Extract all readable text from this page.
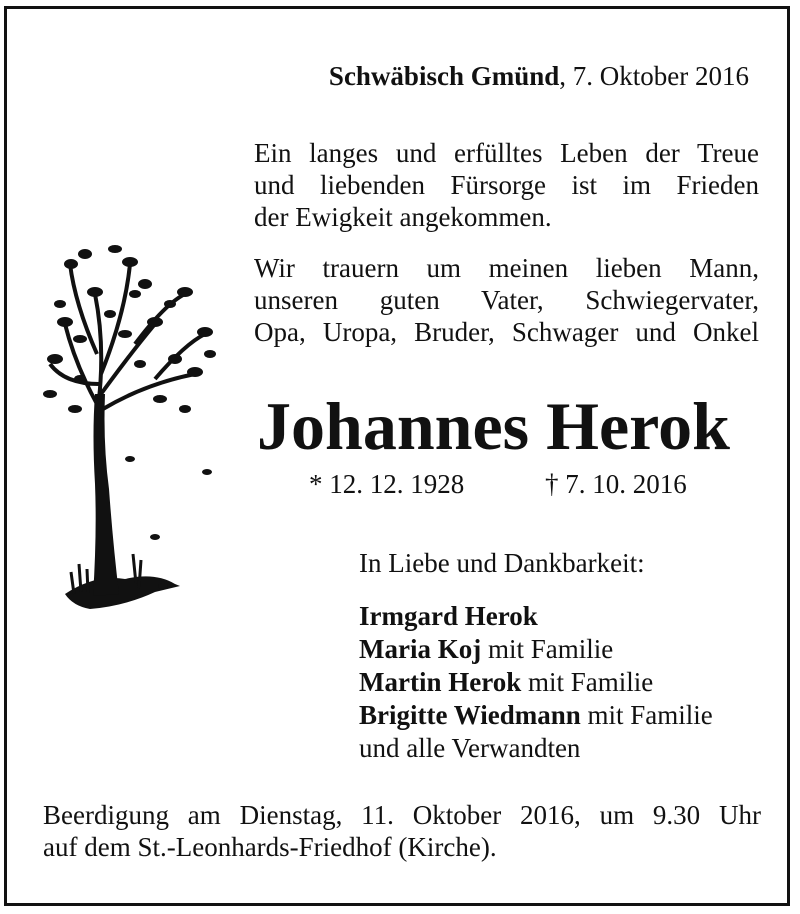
Schwäbisch Gmünd, 7. Oktober 2016
Ein langes und erfülltes Leben der Treue
und liebenden Fürsorge ist im Frieden
der Ewigkeit angekommen.
Wir trauern um meinen lieben Mann,
unseren guten Vater, Schwiegervater,
Opa, Uropa, Bruder, Schwager und Onkel
Johannes Herok
* 12. 12. 1928	† 7. 10. 2016
In Liebe und Dankbarkeit:
Irmgard Herok
Maria Koj mit Familie
Martin Herok mit Familie
Brigitte Wiedmann mit Familie
und alle Verwandten
Beerdigung am Dienstag, 11. Oktober 2016, um 9.30 Uhr
auf dem St.-Leonhards-Friedhof (Kirche).
